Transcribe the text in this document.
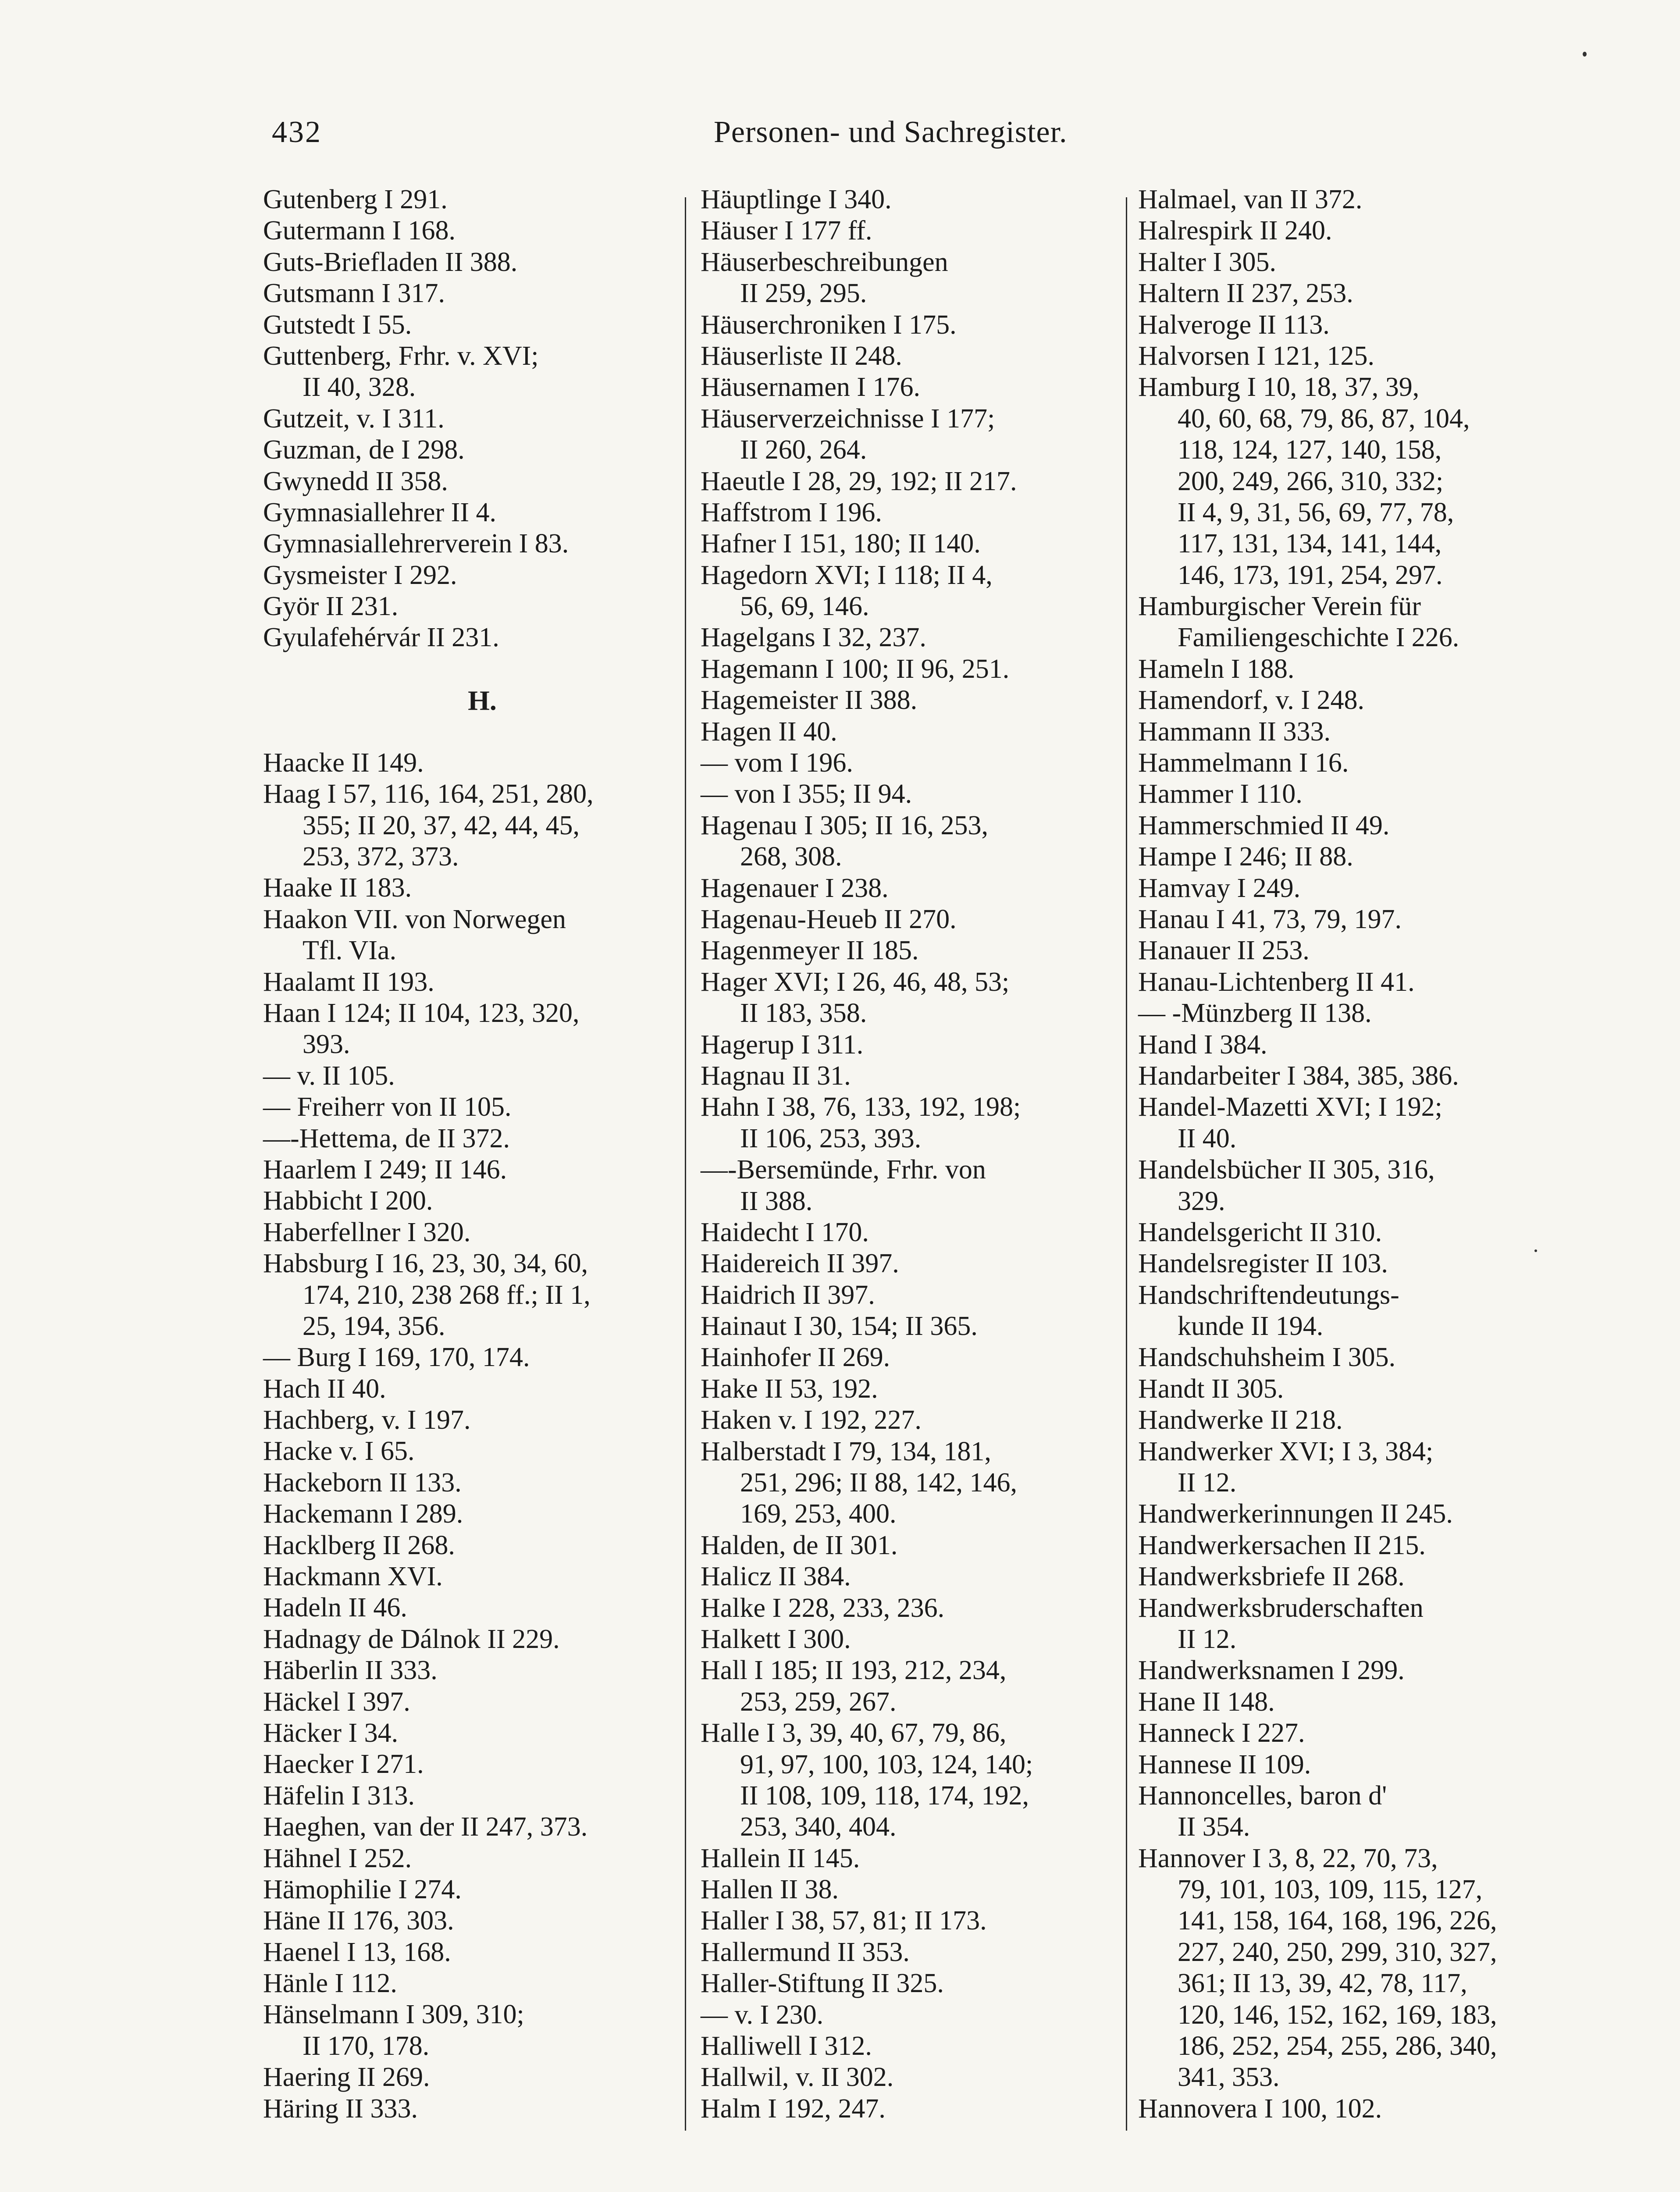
432	Personen- und Sachregister.
Gutenberg I 291.
Gutermann I 168.
Guts-Briefladen II 388.
Gutsmann I 317.
Gutstedt I 55.
Guttenberg, Frhr. v. XVI;
II 40, 328.
Gutzeit, v. I 311.
Guzman, de I 298.
Gwynedd II 358.
Gymnasiallehrer II 4.
Gymnasiallehrerverein I 83.
Gysmeister I 292.
Györ II 231.
Gyulafehérvár II 231.
H.
Haacke II 149.
Haag I 57, 116, 164, 251, 280,
355; II 20, 37, 42, 44, 45,
253, 372, 373.
Haake II 183.
Haakon VII. von Norwegen
Tfl. VIa.
Haalamt II 193.
Haan I 124; II 104, 123, 320,
393.
— v. II 105.
— Freiherr von II 105.
—-Hettema, de II 372.
Haarlem I 249; II 146.
Habbicht I 200.
Haberfellner I 320.
Habsburg I 16, 23, 30, 34, 60,
174, 210, 238 268 ff.; II 1,
25, 194, 356.
— Burg I 169, 170, 174.
Hach II 40.
Hachberg, v. I 197.
Hacke v. I 65.
Hackeborn II 133.
Hackemann I 289.
Hacklberg II 268.
Hackmann XVI.
Hadeln II 46.
Hadnagy de Dálnok II 229.
Häberlin II 333.
Häckel I 397.
Häcker I 34.
Haecker I 271.
Häfelin I 313.
Haeghen, van der II 247, 373.
Hähnel I 252.
Hämophilie I 274.
Häne II 176, 303.
Haenel I 13, 168.
Hänle I 112.
Hänselmann I 309, 310;
II 170, 178.
Haering II 269.
Häring II 333.
Häuptlinge I 340.
Häuser I 177 ff.
Häuserbeschreibungen
II 259, 295.
Häuserchroniken I 175.
Häuserliste II 248.
Häusernamen I 176.
Häuserverzeichnisse I 177;
II 260, 264.
Haeutle I 28, 29, 192; II 217.
Haffstrom I 196.
Hafner I 151, 180; II 140.
Hagedorn XVI; I 118; II 4,
56, 69, 146.
Hagelgans I 32, 237.
Hagemann I 100; II 96, 251.
Hagemeister II 388.
Hagen II 40.
— vom I 196.
— von I 355; II 94.
Hagenau I 305; II 16, 253,
268, 308.
Hagenauer I 238.
Hagenau-Heueb II 270.
Hagenmeyer II 185.
Hager XVI; I 26, 46, 48, 53;
II 183, 358.
Hagerup I 311.
Hagnau II 31.
Hahn I 38, 76, 133, 192, 198;
II 106, 253, 393.
—-Bersemünde, Frhr. von
II 388.
Haidecht I 170.
Haidereich II 397.
Haidrich II 397.
Hainaut I 30, 154; II 365.
Hainhofer II 269.
Hake II 53, 192.
Haken v. I 192, 227.
Halberstadt I 79, 134, 181,
251, 296; II 88, 142, 146,
169, 253, 400.
Halden, de II 301.
Halicz II 384.
Halke I 228, 233, 236.
Halkett I 300.
Hall I 185; II 193, 212, 234,
253, 259, 267.
Halle I 3, 39, 40, 67, 79, 86,
91, 97, 100, 103, 124, 140;
II 108, 109, 118, 174, 192,
253, 340, 404.
Hallein II 145.
Hallen II 38.
Haller I 38, 57, 81; II 173.
Hallermund II 353.
Haller-Stiftung II 325.
— v. I 230.
Halliwell I 312.
Hallwil, v. II 302.
Halm I 192, 247.
Halmael, van II 372.
Halrespirk II 240.
Halter I 305.
Haltern II 237, 253.
Halveroge II 113.
Halvorsen I 121, 125.
Hamburg I 10, 18, 37, 39,
40, 60, 68, 79, 86, 87, 104,
118, 124, 127, 140, 158,
200, 249, 266, 310, 332;
II 4, 9, 31, 56, 69, 77, 78,
117, 131, 134, 141, 144,
146, 173, 191, 254, 297.
Hamburgischer Verein für
Familiengeschichte I 226.
Hameln I 188.
Hamendorf, v. I 248.
Hammann II 333.
Hammelmann I 16.
Hammer I 110.
Hammerschmied II 49.
Hampe I 246; II 88.
Hamvay I 249.
Hanau I 41, 73, 79, 197.
Hanauer II 253.
Hanau-Lichtenberg II 41.
— -Münzberg II 138.
Hand I 384.
Handarbeiter I 384, 385, 386.
Handel-Mazetti XVI; I 192;
II 40.
Handelsbücher II 305, 316,
329.
Handelsgericht II 310.
Handelsregister II 103.
Handschriftendeutungs-
kunde II 194.
Handschuhsheim I 305.
Handt II 305.
Handwerke II 218.
Handwerker XVI; I 3, 384;
II 12.
Handwerkerinnungen II 245.
Handwerkersachen II 215.
Handwerksbriefe II 268.
Handwerksbruderschaften
II 12.
Handwerksnamen I 299.
Hane II 148.
Hanneck I 227.
Hannese II 109.
Hannoncelles, baron d'
II 354.
Hannover I 3, 8, 22, 70, 73,
79, 101, 103, 109, 115, 127,
141, 158, 164, 168, 196, 226,
227, 240, 250, 299, 310, 327,
361; II 13, 39, 42, 78, 117,
120, 146, 152, 162, 169, 183,
186, 252, 254, 255, 286, 340,
341, 353.
Hannovera I 100, 102.
